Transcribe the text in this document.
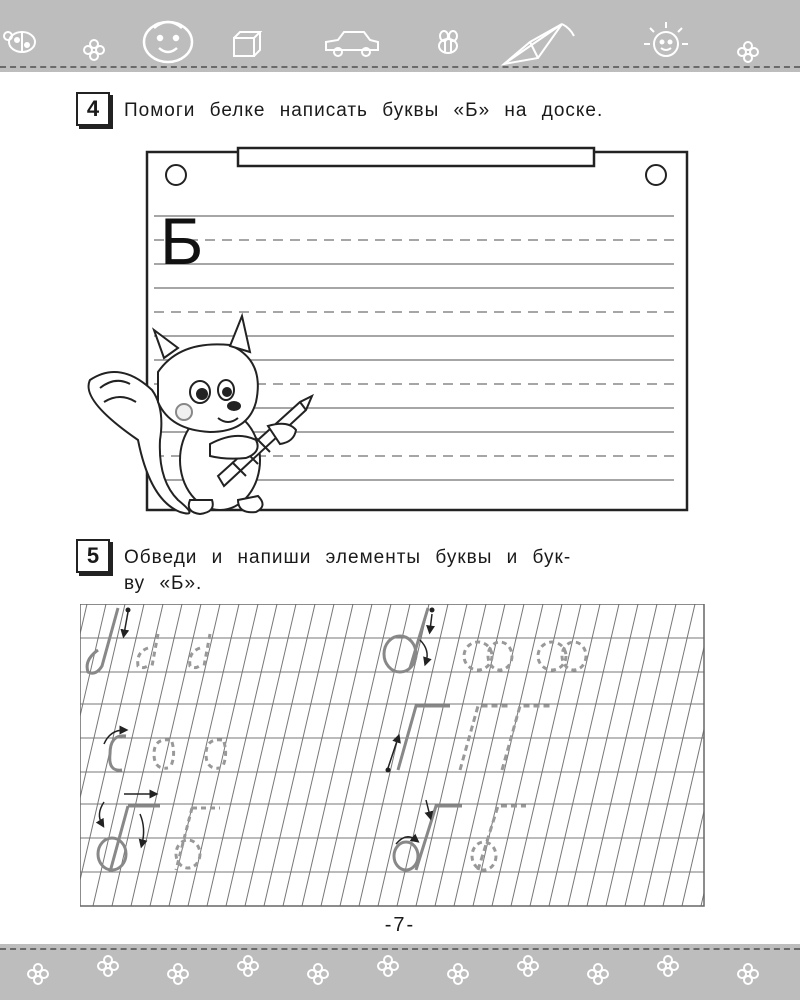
4	Помоги белке написать буквы «Б» на доске.
Б
5	Обведи и напиши элементы буквы и бук-
ву «Б».
-7-
